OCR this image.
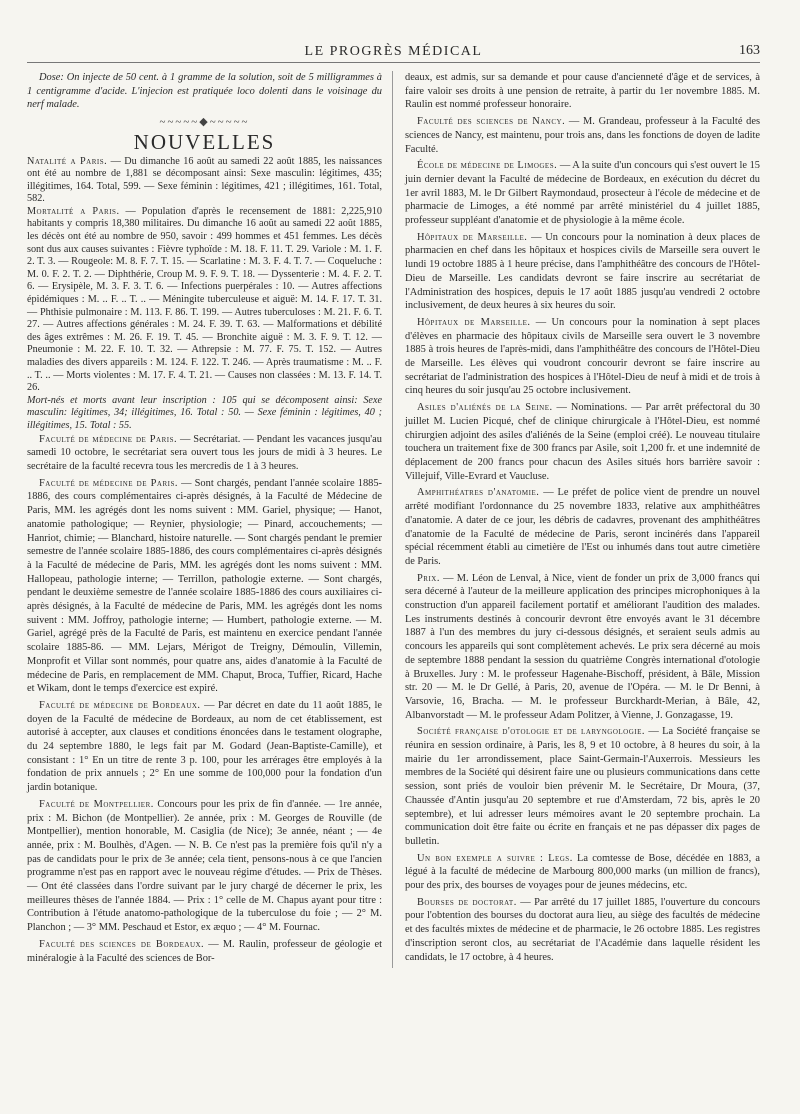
LE PROGRÈS MÉDICAL	163

Dose: On injecte de 50 cent. à 1 gramme de la solution, soit de 5 milligrammes à 1 centigramme d'acide. L'injecion est pratiquée loco dolenti dans le voisinage du nerf malade.

~~~~~◆~~~~~
NOUVELLES

Natalité a Paris. — Du dimanche 16 août au samedi 22 août 1885, les naissances ont été au nombre de 1,881 se décomposant ainsi: Sexe masculin: légitimes, 435; illégitimes, 164. Total, 599. — Sexe féminin : légitimes, 421 ; illégitimes, 161. Total, 582.

Mortalité a Paris. — Population d'après le recensement de 1881: 2,225,910 habitants y compris 18,380 militaires. Du dimanche 16 août au samedi 22 août 1885, les décès ont été au nombre de 950, savoir : 499 hommes et 451 femmes. Les décès sont dus aux causes suivantes : Fièvre typhoïde : M. 18. F. 11. T. 29. Variole : M. 1. F. 2. T. 3. — Rougeole: M. 8. F. 7. T. 15. — Scarlatine : M. 3. F. 4. T. 7. — Coqueluche : M. 0. F. 2. T. 2. — Diphthérie, Croup M. 9. F. 9. T. 18. — Dyssenterie : M. 4. F. 2. T. 6. — Erysipèle, M. 3. F. 3. T. 6. — Infections puerpérales : 10. — Autres affections épidémiques : M. .. F. .. T. .. — Méningite tuberculeuse et aiguë: M. 14. F. 17. T. 31. — Phthisie pulmonaire : M. 113. F. 86. T. 199. — Autres tuberculoses : M. 21. F. 6. T. 27. — Autres affections générales : M. 24. F. 39. T. 63. — Malformations et débilité des âges extrêmes : M. 26. F. 19. T. 45. — Bronchite aiguë : M. 3. F. 9. T. 12. — Pneumonie : M. 22. F. 10. T. 32. — Athrepsie : M. 77. F. 75. T. 152. — Autres maladies des divers appareils : M. 124. F. 122. T. 246. — Après traumatisme : M. .. F. .. T. .. — Morts violentes : M. 17. F. 4. T. 21. — Causes non classées : M. 13. F. 14. T. 26.

Mort-nés et morts avant leur inscription : 105 qui se décomposent ainsi: Sexe masculin: légitimes, 34; illégitimes, 16. Total : 50. — Sexe féminin : légitimes, 40 ; illégitimes, 15. Total : 55.

Faculté de médecine de Paris. — Secrétariat. — Pendant les vacances jusqu'au samedi 10 octobre, le secrétariat sera ouvert tous les jours de midi à 3 heures. Le secrétaire de la faculté recevra tous les mercredis de 1 à 3 heures.

Faculté de médecine de Paris. — Sont chargés, pendant l'année scolaire 1885-1886, des cours complémentaires ci-après désignés, à la Faculté de Médecine de Paris, MM. les agrégés dont les noms suivent : MM. Gariel, physique; — Hanot, anatomie pathologique; — Reynier, physiologie; — Pinard, accouchements; — Hanriot, chimie; — Blanchard, histoire naturelle. — Sont chargés pendant le premier semestre de l'année scolaire 1885-1886, des cours complémentaires ci-après désignés à la Faculté de médecine de Paris, MM. les agrégés dont les noms suivent : MM. Hallopeau, pathologie interne; — Terrillon, pathologie externe. — Sont chargés, pendant le deuxième semestre de l'année scolaire 1885-1886 des cours auxiliaires ci-après désignés, à la Faculté de médecine de Paris, MM. les agrégés dont les noms suivent : MM. Joffroy, pathologie interne; — Humbert, pathologie externe. — M. Gariel, agrégé près de la Faculté de Paris, est maintenu en exercice pendant l'année scolaire 1885-86. — MM. Lejars, Mérigot de Treigny, Démoulin, Villemin, Monprofit et Villar sont nommés, pour quatre ans, aides d'anatomie à la Faculté de médecine de Paris, en remplacement de MM. Chaput, Broca, Tuffier, Ricard, Hache et Wikam, dont le temps d'exercice est expiré.

Faculté de médecine de Bordeaux. — Par décret en date du 11 août 1885, le doyen de la Faculté de médecine de Bordeaux, au nom de cet établissement, est autorisé à accepter, aux clauses et conditions énoncées dans le testament olographe, du 24 septembre 1880, le legs fait par M. Godard (Jean-Baptiste-Camille), et consistant : 1° En un titre de rente 3 p. 100, pour les arrérages être employés à la fondation de prix annuels ; 2° En une somme de 100,000 pour la fondation d'un jardin botanique.

Faculté de Montpellier. Concours pour les prix de fin d'année. — 1re année, prix : M. Bichon (de Montpellier). 2e année, prix : M. Georges de Rouville (de Montpellier), mention honorable, M. Casiglia (de Nice); 3e année, néant ; — 4e année, prix : M. Boulhès, d'Agen. — N. B. Ce n'est pas la première fois qu'il n'y a pas de candidats pour le prix de 3e année; cela tient, pensons-nous à ce que l'ancien programme n'est pas en rapport avec le nouveau régime d'études. — Prix de Thèses. — Ont été classées dans l'ordre suivant par le jury chargé de décerner le prix, les meilleures thèses de l'année 1884. — Prix : 1° celle de M. Chapus ayant pour titre : Contribution à l'étude anatomo-pathologique de la tuberculose du foie ; — 2° M. Planchon ; — 3° MM. Peschaud et Estor, ex æquo ; — 4° M. Fournac.

Faculté des sciences de Bordeaux. — M. Raulin, professeur de géologie et minéralogie à la Faculté des sciences de Bor-

deaux, est admis, sur sa demande et pour cause d'ancienneté d'âge et de services, à faire valoir ses droits à une pension de retraite, à partir du 1er novembre 1885. M. Raulin est nommé professeur honoraire.

Faculté des sciences de Nancy. — M. Grandeau, professeur à la Faculté des sciences de Nancy, est maintenu, pour trois ans, dans les fonctions de doyen de ladite Faculté.

École de médecine de Limoges. — A la suite d'un concours qui s'est ouvert le 15 juin dernier devant la Faculté de médecine de Bordeaux, en exécution du décret du 1er avril 1883, M. le Dr Gilbert Raymondaud, prosecteur à l'école de médecine et de pharmacie de Limoges, a été nommé par arrêté ministériel du 4 juillet 1885, professeur suppléant d'anatomie et de physiologie à la même école.

Hôpitaux de Marseille. — Un concours pour la nomination à deux places de pharmacien en chef dans les hôpitaux et hospices civils de Marseille sera ouvert le lundi 19 octobre 1885 à 1 heure précise, dans l'amphithéâtre des concours de l'Hôtel-Dieu de Marseille. Les candidats devront se faire inscrire au secrétariat de l'Administration des hospices, depuis le 17 août 1885 jusqu'au vendredi 2 octobre inclusivement, de deux heures à six heures du soir.

Hôpitaux de Marseille. — Un concours pour la nomination à sept places d'élèves en pharmacie des hôpitaux civils de Marseille sera ouvert le 3 novembre 1885 à trois heures de l'après-midi, dans l'amphithéâtre des concours de l'Hôtel-Dieu de Marseille. Les élèves qui voudront concourir devront se faire inscrire au secrétariat de l'administration des hospices à l'Hôtel-Dieu de neuf à midi et de trois à cinq heures du soir jusqu'au 25 octobre inclusivement.

Asiles d'aliénés de la Seine. — Nominations. — Par arrêt préfectoral du 30 juillet M. Lucien Picqué, chef de clinique chirurgicale à l'Hôtel-Dieu, est nommé chirurgien adjoint des asiles d'aliénés de la Seine (emploi créé). Le nouveau titulaire touchera un traitement fixe de 300 francs par Asile, soit 1,200 fr. et une indemnité de déplacement de 200 francs pour chacun des Asiles situés hors barrière savoir : Villejuif, Ville-Evrard et Vaucluse.

Amphithéatres d'anatomie. — Le préfet de police vient de prendre un nouvel arrêté modifiant l'ordonnance du 25 novembre 1833, relative aux amphithéâtres d'anatomie. A dater de ce jour, les débris de cadavres, provenant des amphithéâtres d'anatomie de la Faculté de médecine de Paris, seront incinérés dans l'appareil spécial récemment établi au cimetière de l'Est ou inhumés dans tout autre cimetière de Paris.

Prix. — M. Léon de Lenval, à Nice, vient de fonder un prix de 3,000 francs qui sera décerné à l'auteur de la meilleure application des principes microphoniques à la construction d'un appareil facilement portatif et améliorant l'audition des malades. Les instruments destinés à concourir devront être envoyés avant le 31 décembre 1887 à l'un des membres du jury ci-dessous désignés, et seraient seuls admis au concours les appareils qui sont complètement achevés. Le prix sera décerné au mois de septembre 1888 pendant la session du quatrième Congrès international d'otologie à Bruxelles. Jury : M. le professeur Hagenahe-Bischoff, président, à Bâle, Mission str. 20 — M. le Dr Gellé, à Paris, 20, avenue de l'Opéra. — M. le Dr Benni, à Varsovie, 16, Bracha. — M. le professeur Burckhardt-Merian, à Bâle, 42, Albanvorstadt — M. le professeur Adam Politzer, à Vienne, J. Gonzagasse, 19.

Société française d'otologie et de laryngologie. — La Société française se réunira en session ordinaire, à Paris, les 8, 9 et 10 octobre, à 8 heures du soir, à la mairie du 1er arrondissement, place Saint-Germain-l'Auxerrois. Messieurs les membres de la Société qui désirent faire une ou plusieurs communications dans cette session, sont priés de vouloir bien prévenir M. le Secrétaire, Dr Moura, (37, Chaussée d'Antin jusqu'au 20 septembre et rue d'Amsterdam, 72 bis, après le 20 septembre), et lui adresser leurs mémoires avant le 20 septembre prochain. La communication doit être faite ou écrite en français et ne pas dépasser dix pages de bulletin.

Un bon exemple a suivre : Legs. La comtesse de Bose, décédée en 1883, a légué à la faculté de médecine de Marbourg 800,000 marks (un million de francs), pour des prix, des bourses de voyages pour de jeunes médecins, etc.

Bourses de doctorat. — Par arrêté du 17 juillet 1885, l'ouverture du concours pour l'obtention des bourses du doctorat aura lieu, au siège des facultés de médecine et des facultés mixtes de médecine et de pharmacie, le 26 octobre 1885. Les registres d'inscription seront clos, au secrétariat de l'Académie dans laquelle résident les candidats, le 17 octobre, à 4 heures.
